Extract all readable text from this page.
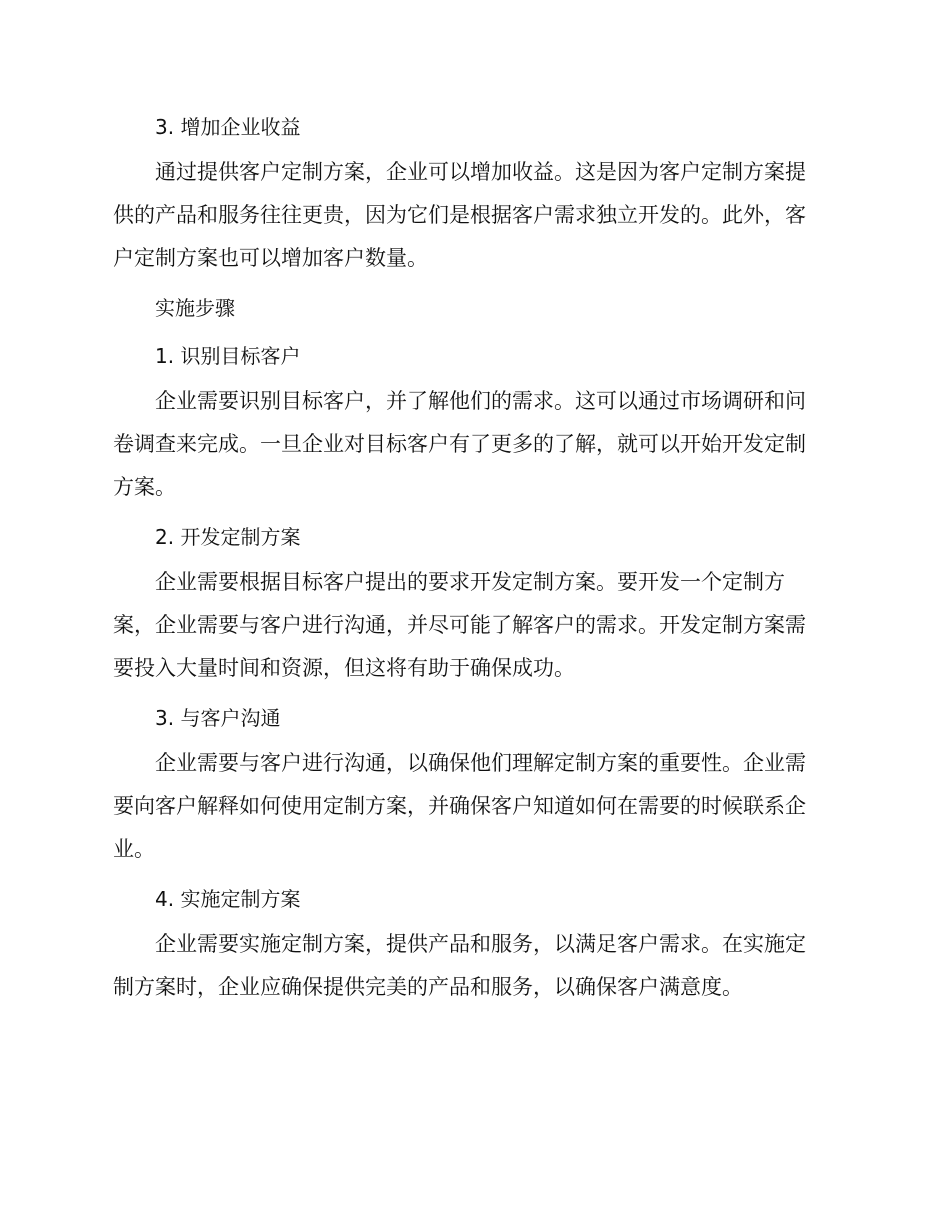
3. 增加企业收益
通过提供客户定制方案，企业可以增加收益。这是因为客户定制方案提
供的产品和服务往往更贵，因为它们是根据客户需求独立开发的。此外，客
户定制方案也可以增加客户数量。
实施步骤
1. 识别目标客户
企业需要识别目标客户，并了解他们的需求。这可以通过市场调研和问
卷调查来完成。一旦企业对目标客户有了更多的了解，就可以开始开发定制
方案。
2. 开发定制方案
企业需要根据目标客户提出的要求开发定制方案。要开发一个定制方
案，企业需要与客户进行沟通，并尽可能了解客户的需求。开发定制方案需
要投入大量时间和资源，但这将有助于确保成功。
3. 与客户沟通
企业需要与客户进行沟通，以确保他们理解定制方案的重要性。企业需
要向客户解释如何使用定制方案，并确保客户知道如何在需要的时候联系企
业。
4. 实施定制方案
企业需要实施定制方案，提供产品和服务，以满足客户需求。在实施定
制方案时，企业应确保提供完美的产品和服务，以确保客户满意度。
